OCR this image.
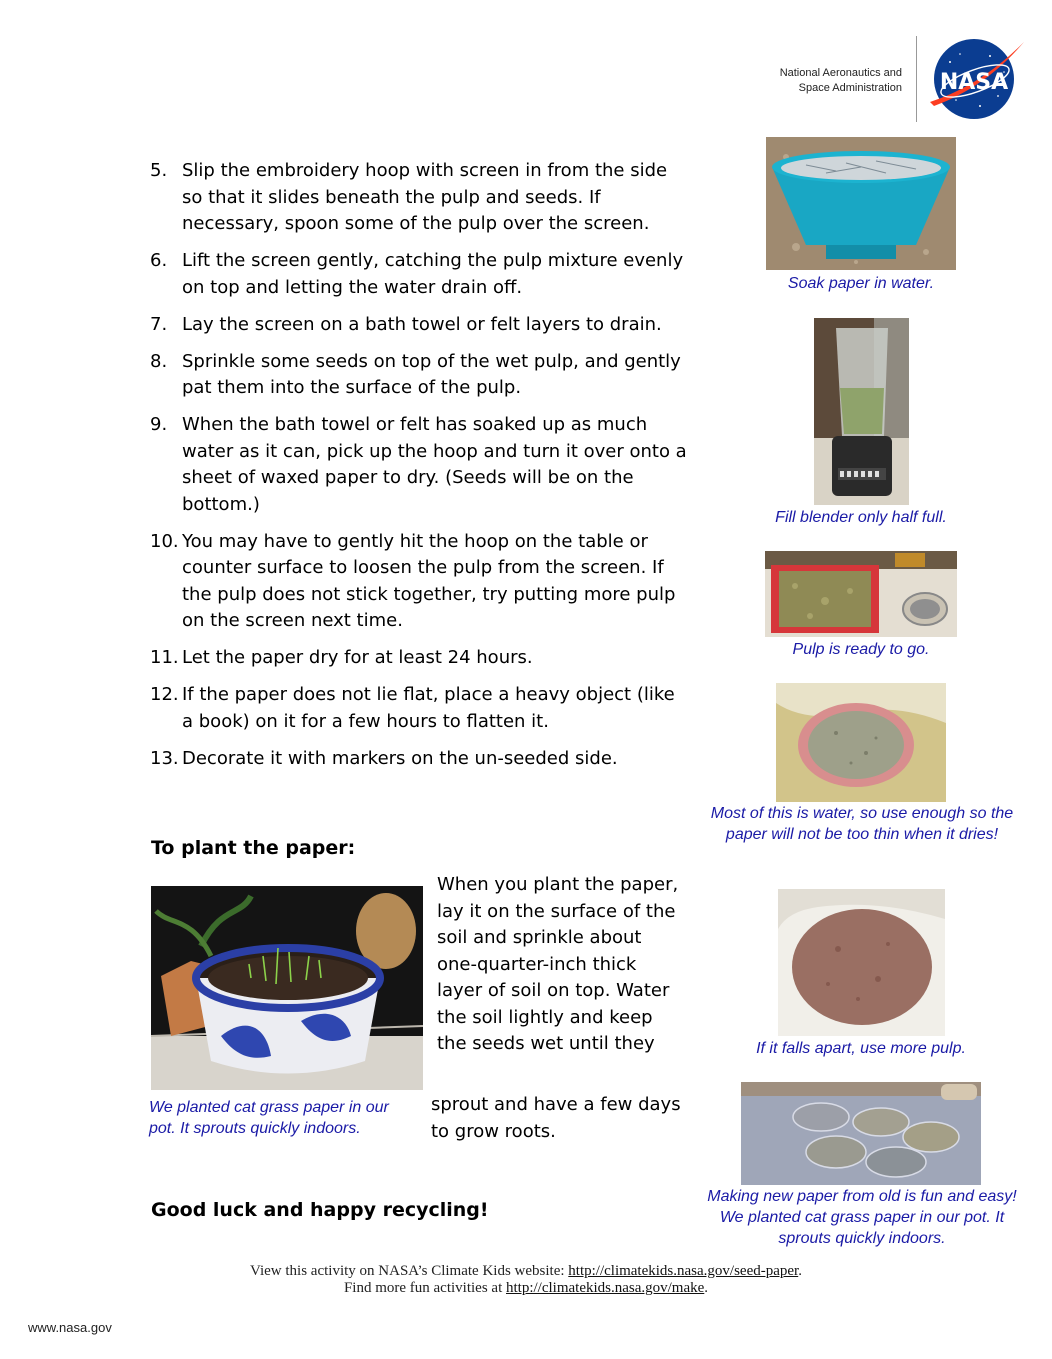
National Aeronautics and
Space Administration NASA
5. Slip the embroidery hoop with screen in from the side so that it slides beneath the pulp and seeds. If necessary, spoon some of the pulp over the screen.
6. Lift the screen gently, catching the pulp mixture evenly on top and letting the water drain off.
7. Lay the screen on a bath towel or felt layers to drain.
8. Sprinkle some seeds on top of the wet pulp, and gently pat them into the surface of the pulp.
9. When the bath towel or felt has soaked up as much water as it can, pick up the hoop and turn it over onto a sheet of waxed paper to dry. (Seeds will be on the bottom.)
10. You may have to gently hit the hoop on the table or counter surface to loosen the pulp from the screen. If the pulp does not stick together, try putting more pulp on the screen next time.
11. Let the paper dry for at least 24 hours.
12. If the paper does not lie flat, place a heavy object (like a book) on it for a few hours to flatten it.
13. Decorate it with markers on the un-seeded side.
To plant the paper:
We planted cat grass paper in our pot. It sprouts quickly indoors.
When you plant the paper, lay it on the surface of the soil and sprinkle about one-quarter-inch thick layer of soil on top. Water the soil lightly and keep the seeds wet until they
sprout and have a few days to grow roots.
Good luck and happy recycling!
Soak paper in water.
Fill blender only half full.
Pulp is ready to go.
Most of this is water, so use enough so the paper will not be too thin when it dries!
If it falls apart, use more pulp.
Making new paper from old is fun and easy! We planted cat grass paper in our pot. It sprouts quickly indoors.
View this activity on NASA’s Climate Kids website: http://climatekids.nasa.gov/seed-paper.
Find more fun activities at http://climatekids.nasa.gov/make.
www.nasa.gov
